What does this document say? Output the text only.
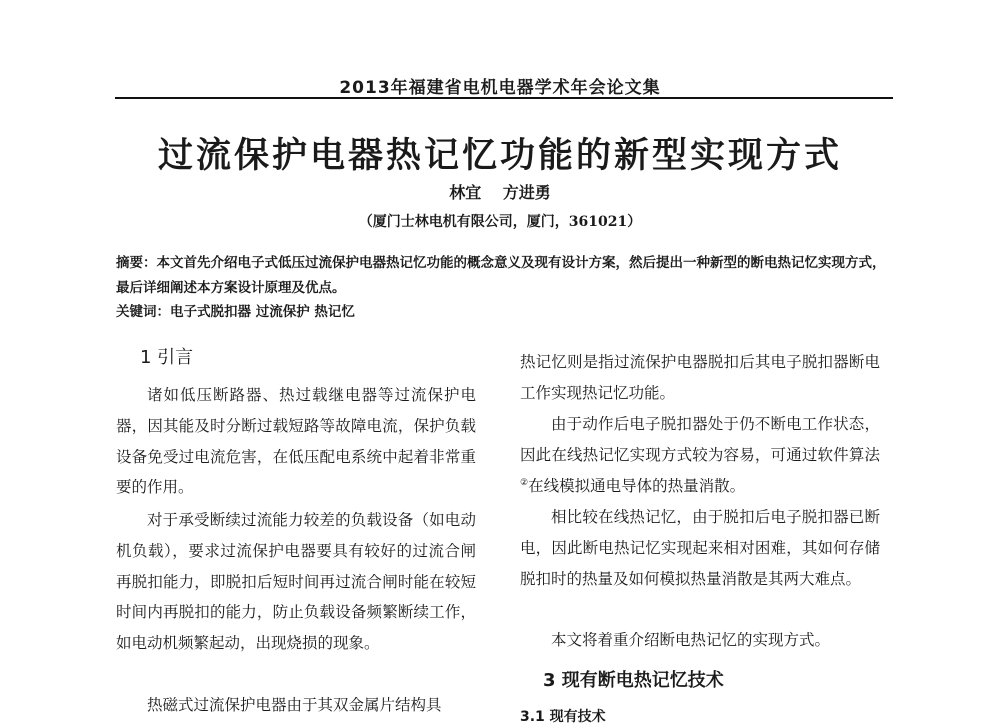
2013年福建省电机电器学术年会论文集
过流保护电器热记忆功能的新型实现方式
林宜 方进勇
（厦门士林电机有限公司，厦门，361021）
摘要：本文首先介绍电子式低压过流保护电器热记忆功能的概念意义及现有设计方案，然后提出一种新型的断电热记忆实现方式，最后详细阐述本方案设计原理及优点。
关键词：电子式脱扣器 过流保护 热记忆
1 引言
诸如低压断路器、热过载继电器等过流保护电器，因其能及时分断过载短路等故障电流，保护负载设备免受过电流危害，在低压配电系统中起着非常重要的作用。
对于承受断续过流能力较差的负载设备（如电动机负载），要求过流保护电器要具有较好的过流合闸再脱扣能力，即脱扣后短时间再过流合闸时能在较短时间内再脱扣的能力，防止负载设备频繁断续工作，如电动机频繁起动，出现烧损的现象。
热磁式过流保护电器由于其双金属片结构具
热记忆则是指过流保护电器脱扣后其电子脱扣器断电工作实现热记忆功能。
由于动作后电子脱扣器处于仍不断电工作状态，因此在线热记忆实现方式较为容易，可通过软件算法②在线模拟通电导体的热量消散。
相比较在线热记忆，由于脱扣后电子脱扣器已断电，因此断电热记忆实现起来相对困难，其如何存储脱扣时的热量及如何模拟热量消散是其两大难点。
本文将着重介绍断电热记忆的实现方式。
3 现有断电热记忆技术
3.1 现有技术
